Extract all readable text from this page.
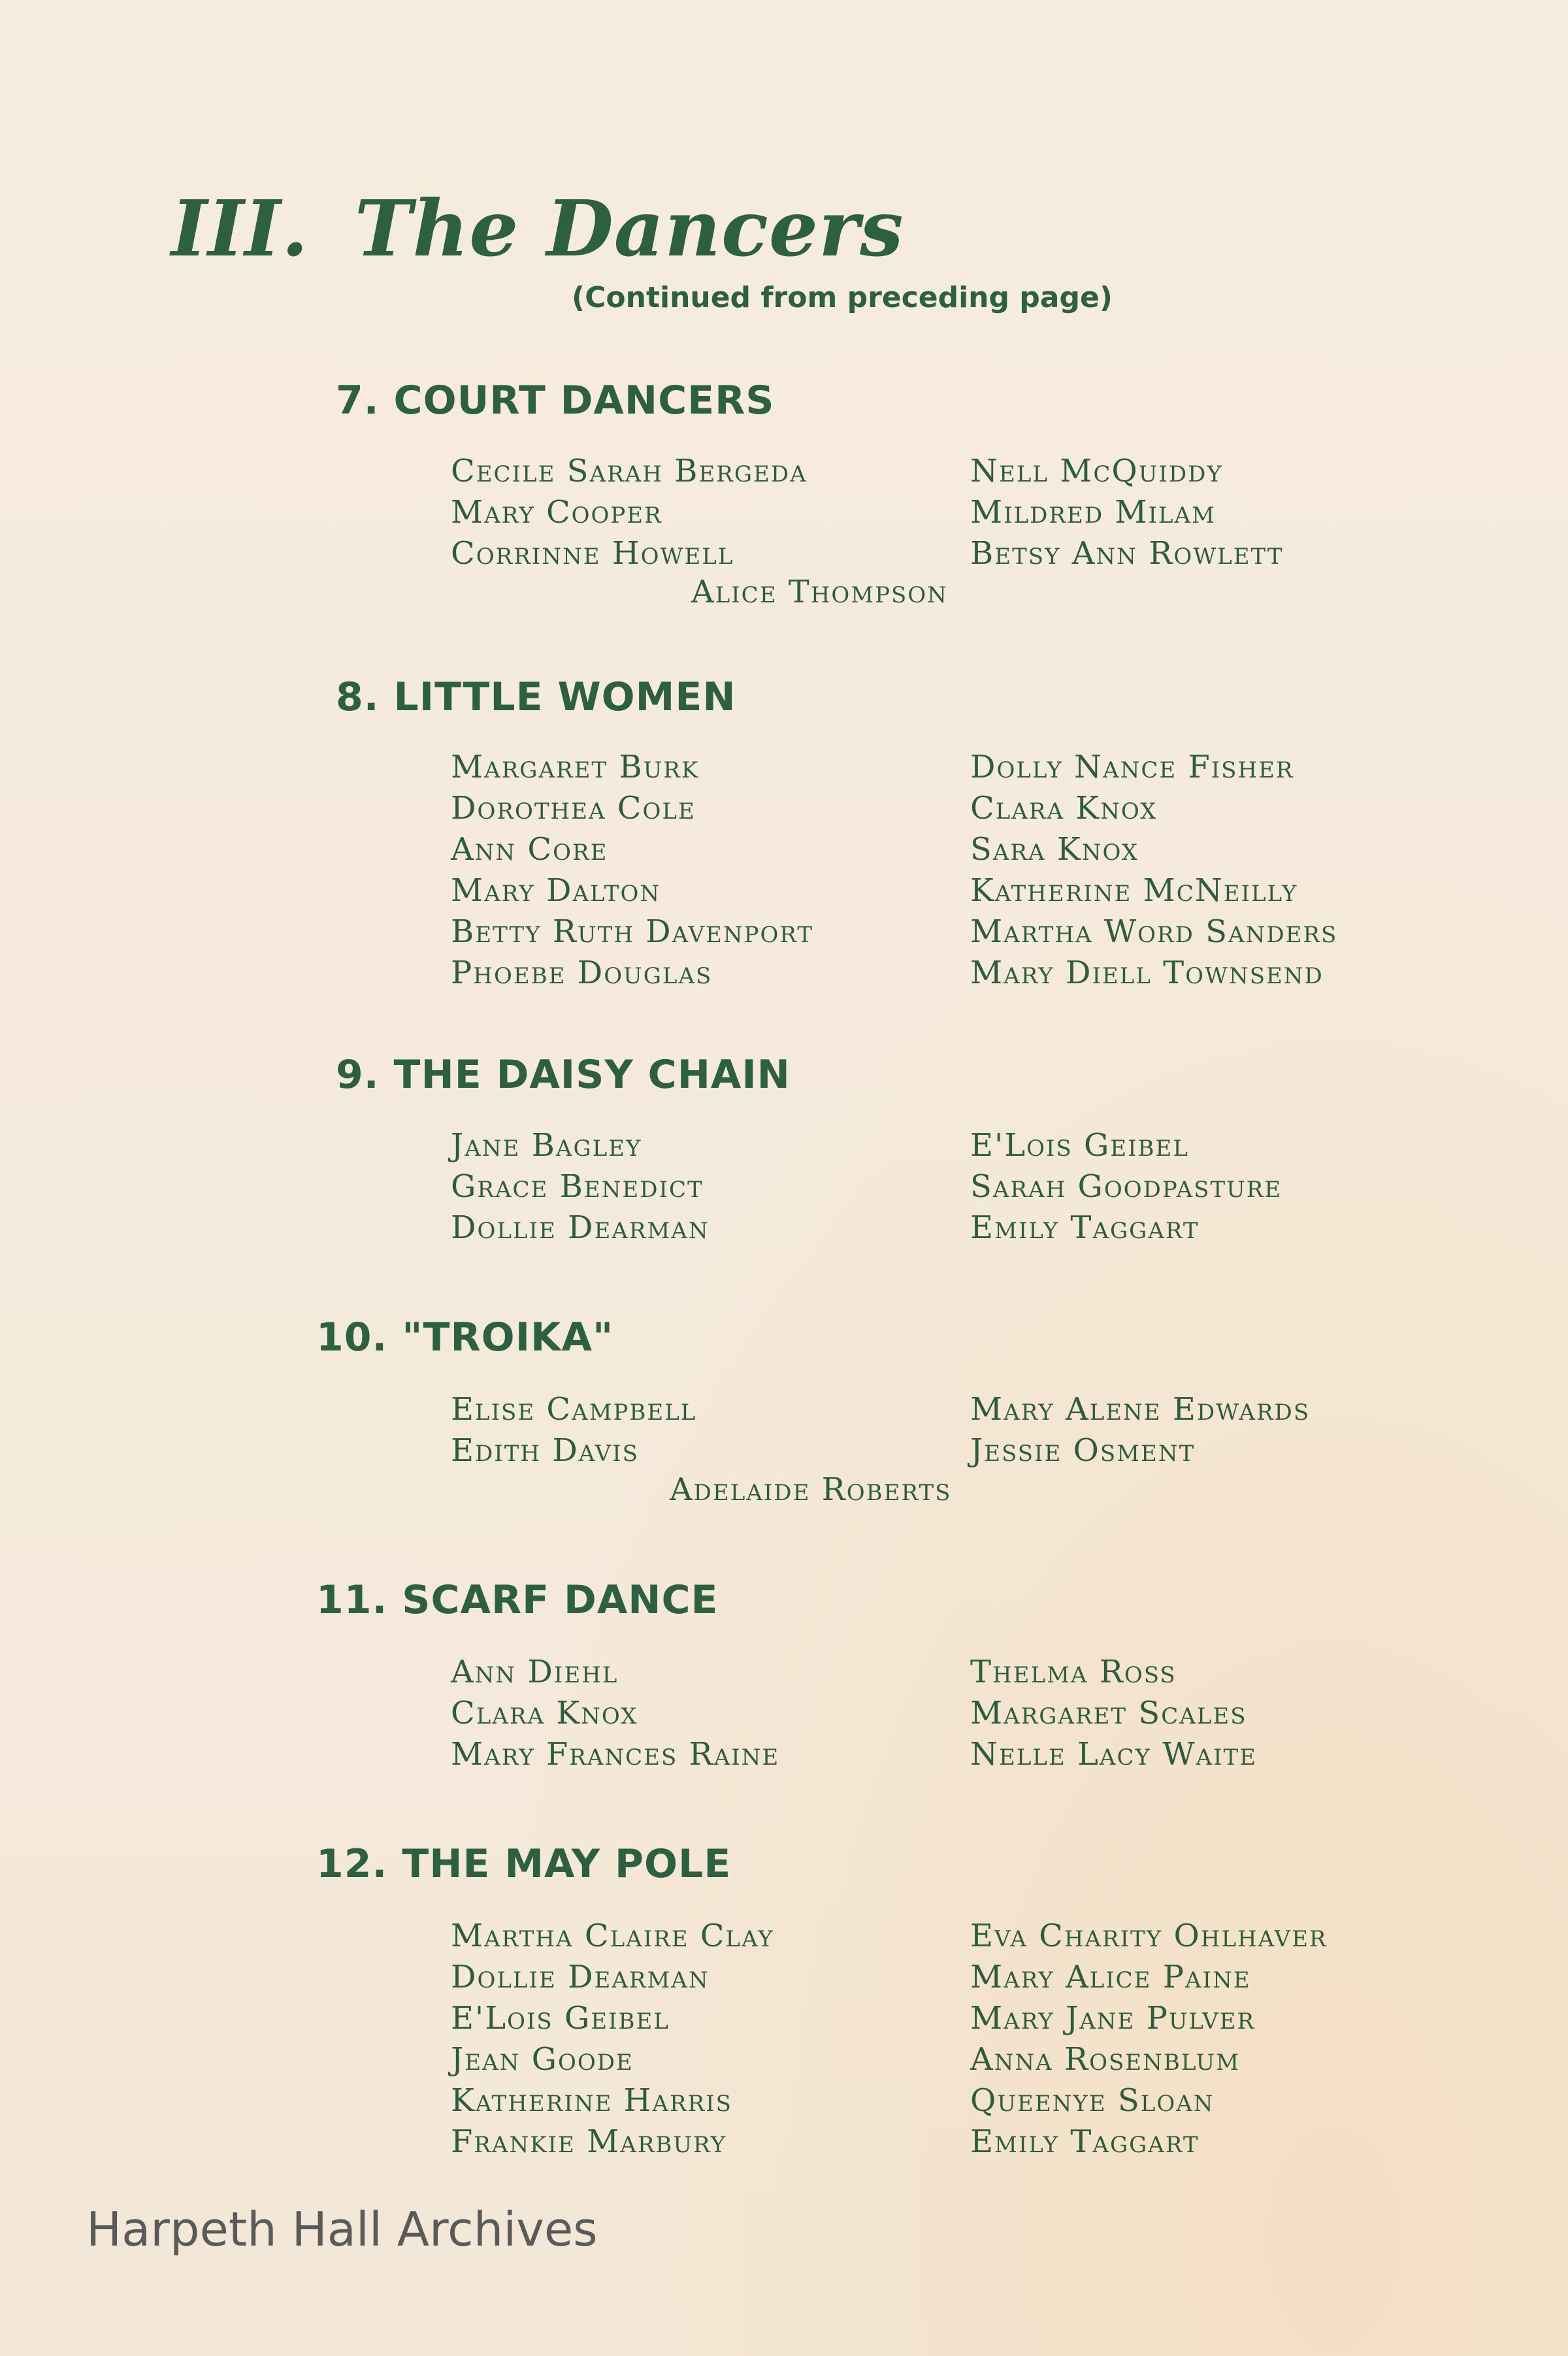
III. The Dancers
(Continued from preceding page)
7. COURT DANCERS
Cecile Sarah Bergeda
Mary Cooper
Corrinne Howell
Nell McQuiddy
Mildred Milam
Betsy Ann Rowlett
Alice Thompson
8. LITTLE WOMEN
Margaret Burk
Dorothea Cole
Ann Core
Mary Dalton
Betty Ruth Davenport
Phoebe Douglas
Dolly Nance Fisher
Clara Knox
Sara Knox
Katherine McNeilly
Martha Word Sanders
Mary Diell Townsend
9. THE DAISY CHAIN
Jane Bagley
Grace Benedict
Dollie Dearman
E'Lois Geibel
Sarah Goodpasture
Emily Taggart
10. "TROIKA"
Elise Campbell
Edith Davis
Mary Alene Edwards
Jessie Osment
Adelaide Roberts
11. SCARF DANCE
Ann Diehl
Clara Knox
Mary Frances Raine
Thelma Ross
Margaret Scales
Nelle Lacy Waite
12. THE MAY POLE
Martha Claire Clay
Dollie Dearman
E'Lois Geibel
Jean Goode
Katherine Harris
Frankie Marbury
Eva Charity Ohlhaver
Mary Alice Paine
Mary Jane Pulver
Anna Rosenblum
Queenye Sloan
Emily Taggart
Harpeth Hall Archives
